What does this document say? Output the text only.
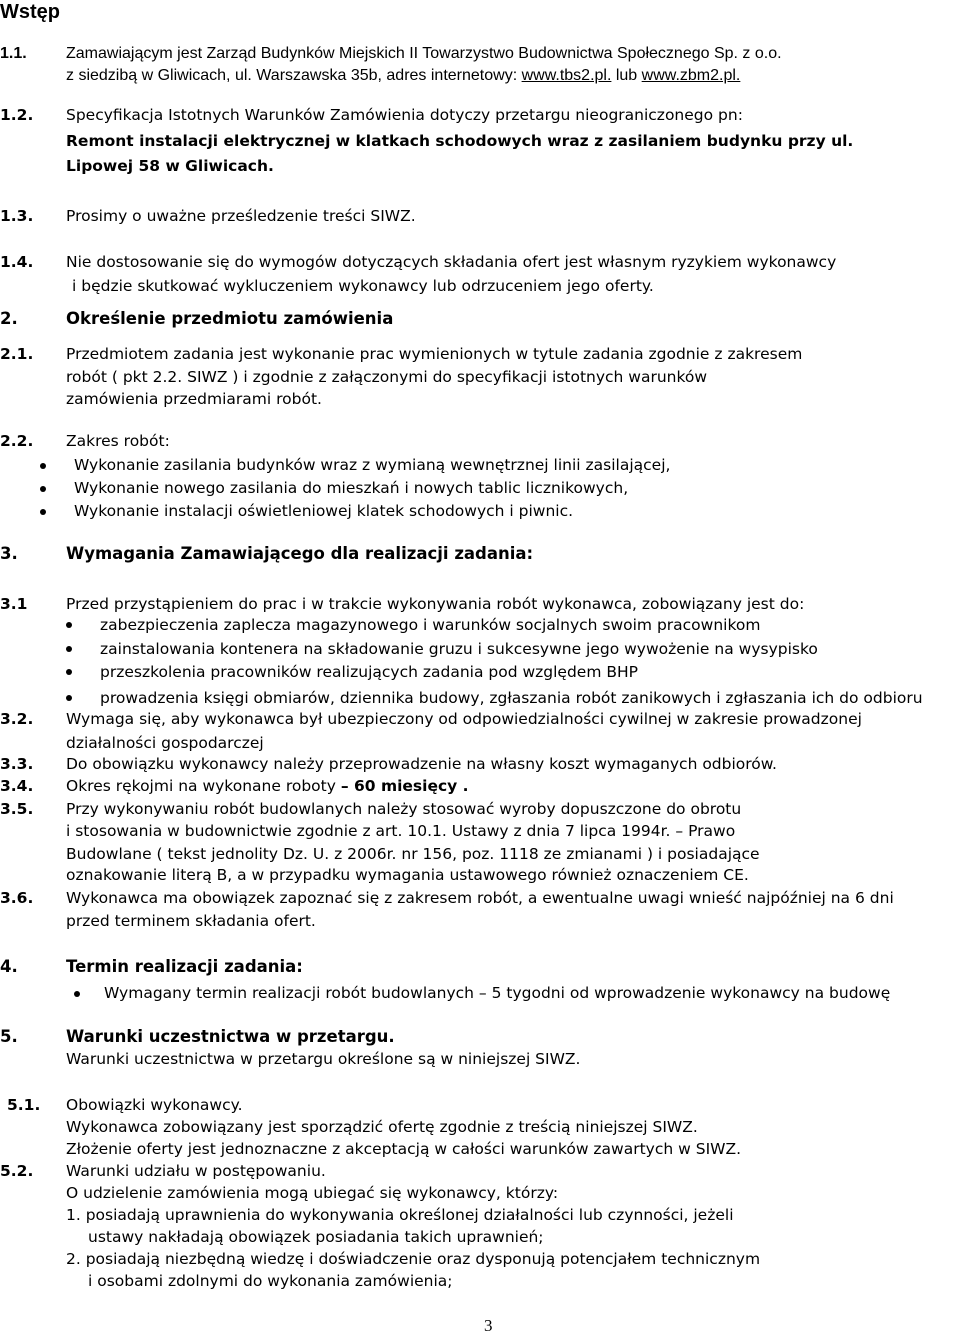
Wstęp
1.1. Zamawiającym jest Zarząd Budynków Miejskich II Towarzystwo Budownictwa Społecznego Sp. z o.o.
z siedzibą w Gliwicach, ul. Warszawska 35b, adres internetowy: www.tbs2.pl. lub www.zbm2.pl.
1.2. Specyfikacja Istotnych Warunków Zamówienia dotyczy przetargu nieograniczonego pn:
Remont instalacji elektrycznej w klatkach schodowych wraz z zasilaniem budynku przy ul.
Lipowej 58 w Gliwicach.
1.3. Prosimy o uważne prześledzenie treści SIWZ.
1.4. Nie dostosowanie się do wymogów dotyczących składania ofert jest własnym ryzykiem wykonawcy
i będzie skutkować wykluczeniem wykonawcy lub odrzuceniem jego oferty.
2.	Określenie przedmiotu zamówienia
2.1. Przedmiotem zadania jest wykonanie prac wymienionych w tytule zadania zgodnie z zakresem
robót ( pkt 2.2. SIWZ ) i zgodnie z załączonymi do specyfikacji istotnych warunków
zamówienia przedmiarami robót.
2.2. Zakres robót:
Wykonanie zasilania budynków wraz z wymianą wewnętrznej linii zasilającej,
Wykonanie nowego zasilania do mieszkań i nowych tablic licznikowych,
Wykonanie instalacji oświetleniowej klatek schodowych i piwnic.
3.	Wymagania Zamawiającego dla realizacji zadania:
3.1 Przed przystąpieniem do prac i w trakcie wykonywania robót wykonawca, zobowiązany jest do:
zabezpieczenia zaplecza magazynowego i warunków socjalnych swoim pracownikom
zainstalowania kontenera na składowanie gruzu i sukcesywne jego wywożenie na wysypisko
przeszkolenia pracowników realizujących zadania pod względem BHP
prowadzenia księgi obmiarów, dziennika budowy, zgłaszania robót zanikowych i zgłaszania ich do odbioru
3.2. Wymaga się, aby wykonawca był ubezpieczony od odpowiedzialności cywilnej w zakresie prowadzonej
działalności gospodarczej
3.3. Do obowiązku wykonawcy należy przeprowadzenie na własny koszt wymaganych odbiorów.
3.4. Okres rękojmi na wykonane roboty – 60 miesięcy .
3.5. Przy wykonywaniu robót budowlanych należy stosować wyroby dopuszczone do obrotu
i stosowania w budownictwie zgodnie z art. 10.1. Ustawy z dnia 7 lipca 1994r. – Prawo
Budowlane ( tekst jednolity Dz. U. z 2006r. nr 156, poz. 1118 ze zmianami ) i posiadające
oznakowanie literą B, a w przypadku wymagania ustawowego również oznaczeniem CE.
3.6. Wykonawca ma obowiązek zapoznać się z zakresem robót, a ewentualne uwagi wnieść najpóźniej na 6 dni
przed terminem składania ofert.
4.	Termin realizacji zadania:
Wymagany termin realizacji robót budowlanych – 5 tygodni od wprowadzenie wykonawcy na budowę
5.	Warunki uczestnictwa w przetargu.
Warunki uczestnictwa w przetargu określone są w niniejszej SIWZ.
5.1. Obowiązki wykonawcy.
Wykonawca zobowiązany jest sporządzić ofertę zgodnie z treścią niniejszej SIWZ.
Złożenie oferty jest jednoznaczne z akceptacją w całości warunków zawartych w SIWZ.
5.2. Warunki udziału w postępowaniu.
O udzielenie zamówienia mogą ubiegać się wykonawcy, którzy:
1. posiadają uprawnienia do wykonywania określonej działalności lub czynności, jeżeli
ustawy nakładają obowiązek posiadania takich uprawnień;
2. posiadają niezbędną wiedzę i doświadczenie oraz dysponują potencjałem technicznym
i osobami zdolnymi do wykonania zamówienia;
3
